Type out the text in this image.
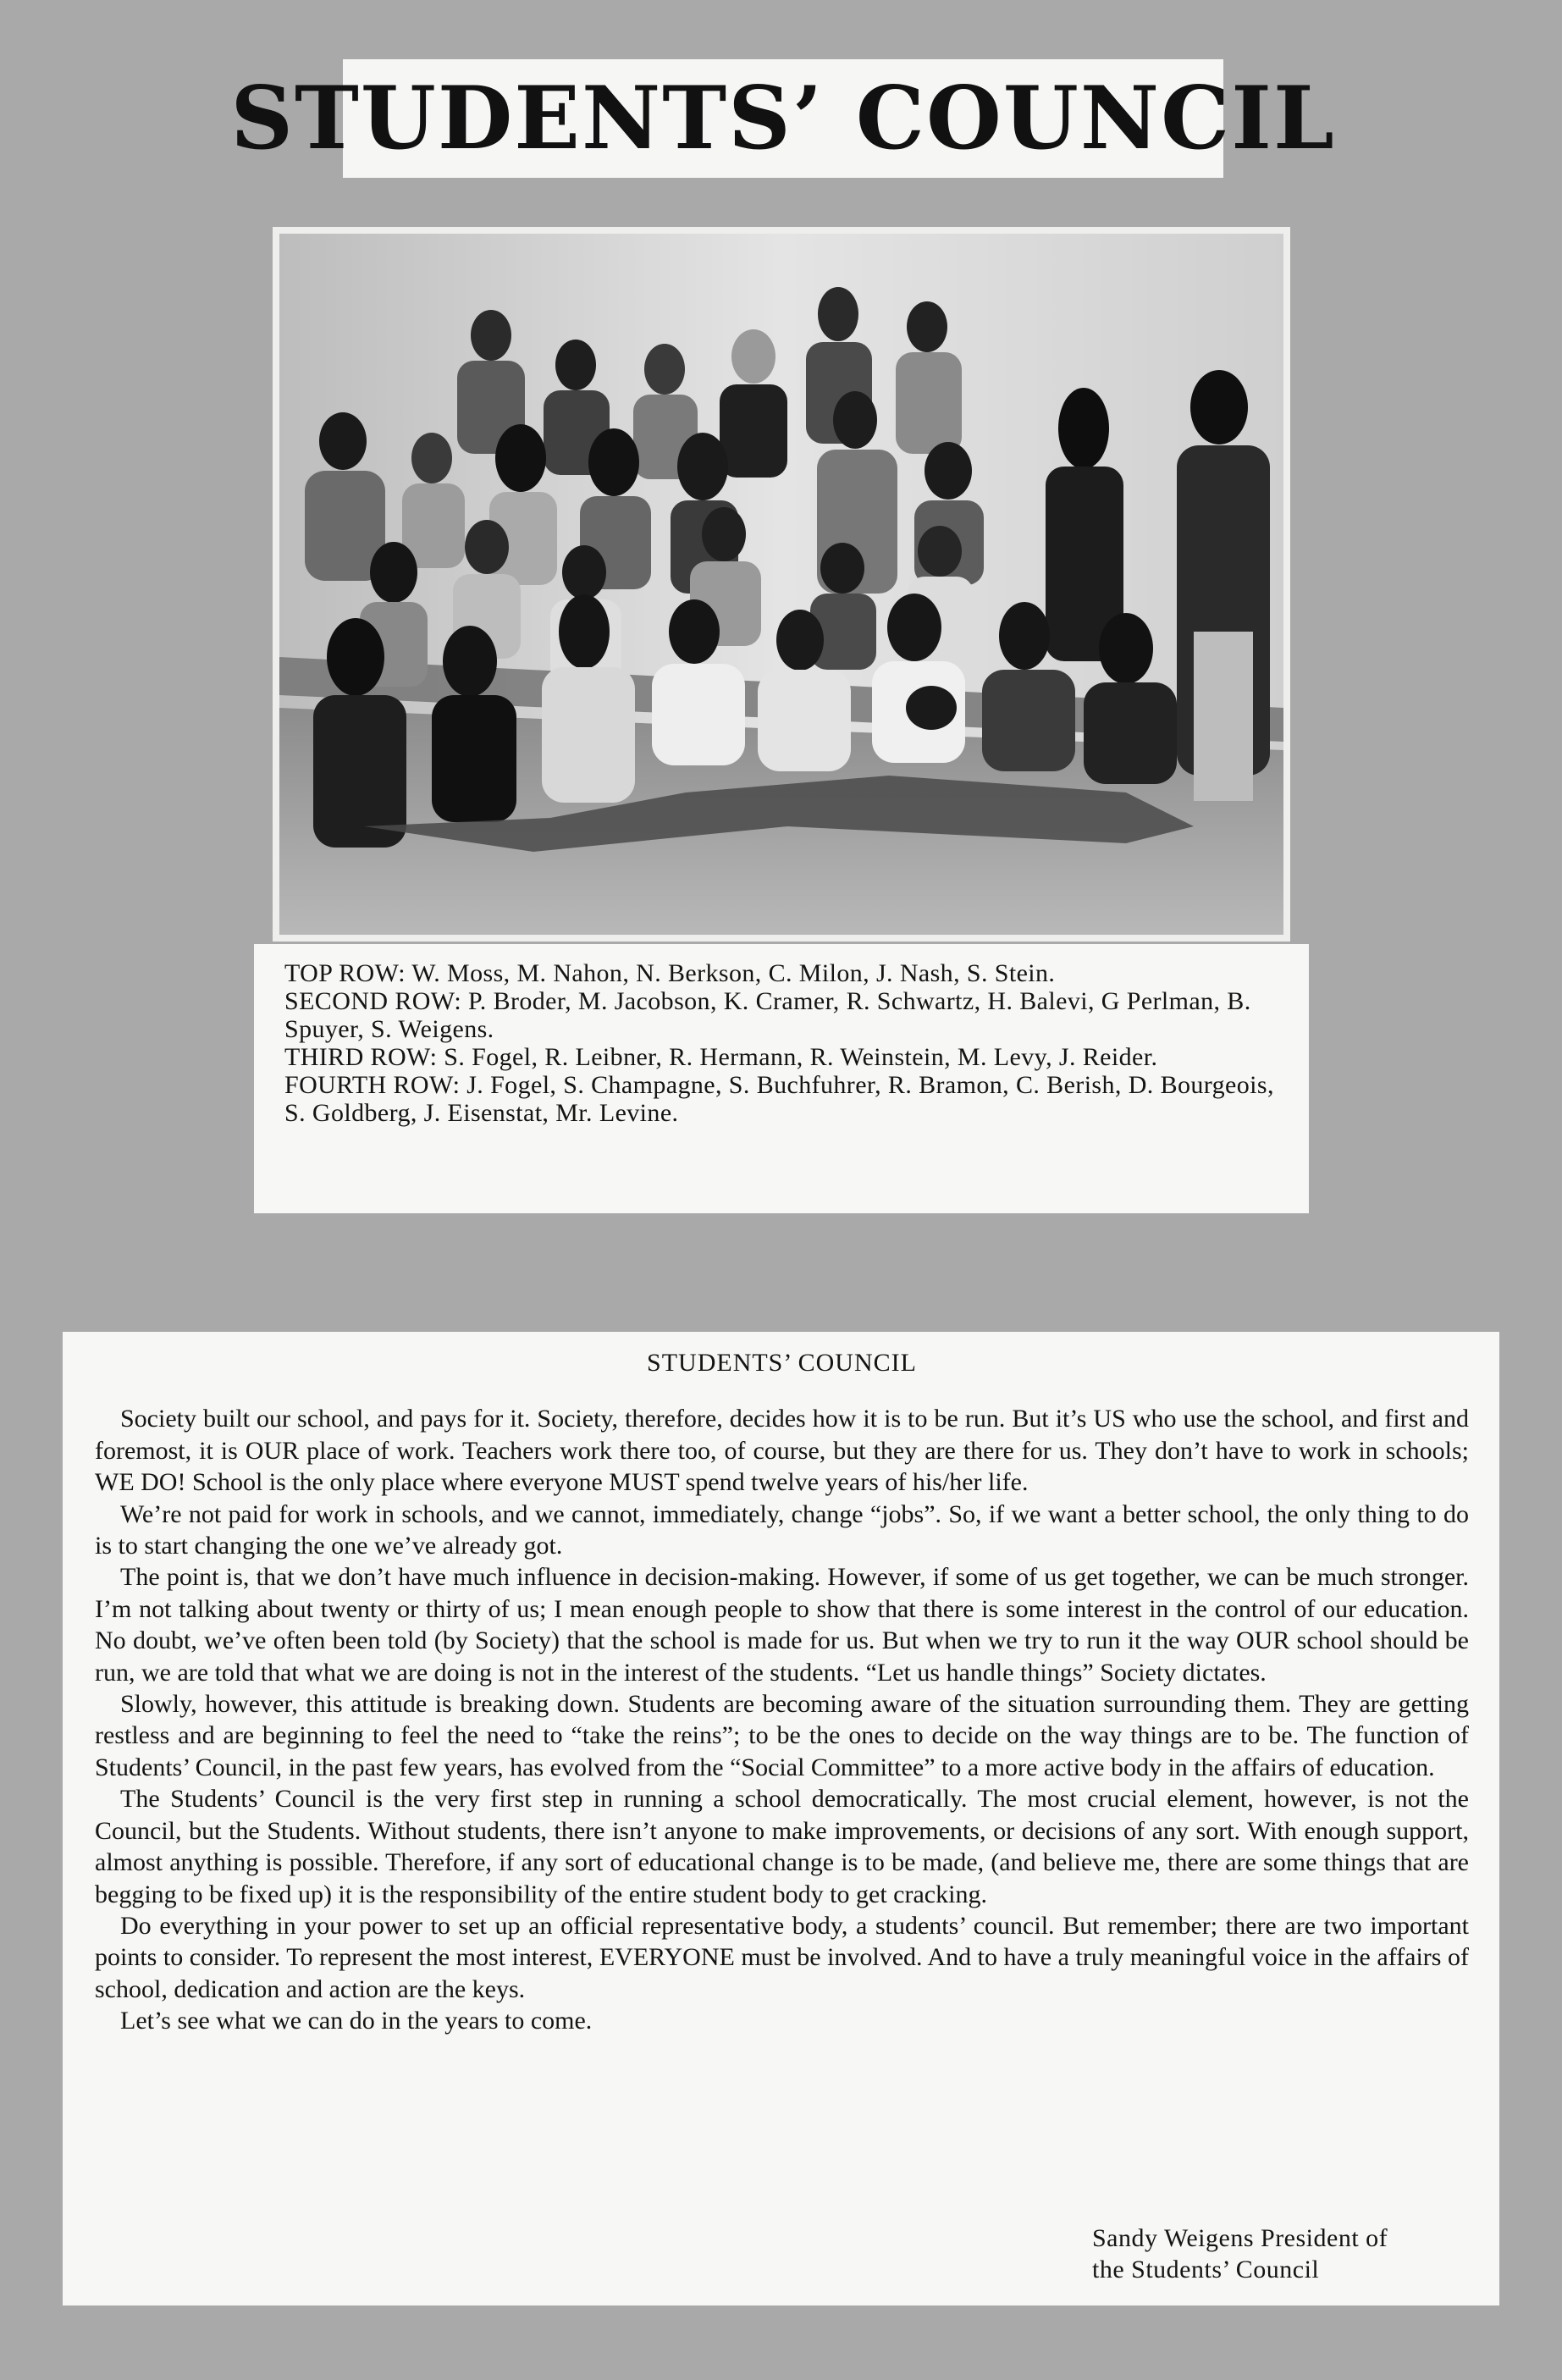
STUDENTS’ COUNCIL

TOP ROW: W. Moss, M. Nahon, N. Berkson, C. Milon, J. Nash, S. Stein.

SECOND ROW: P. Broder, M. Jacobson, K. Cramer, R. Schwartz, H. Balevi, G Perlman, B. Spuyer, S. Weigens.

THIRD ROW: S. Fogel, R. Leibner, R. Hermann, R. Weinstein, M. Levy, J. Reider.

FOURTH ROW: J. Fogel, S. Champagne, S. Buchfuhrer, R. Bramon, C. Berish, D. Bourgeois, S. Goldberg, J. Eisenstat, Mr. Levine.

STUDENTS’ COUNCIL

Society built our school, and pays for it. Society, therefore, decides how it is to be run. But it’s US who use the school, and first and foremost, it is OUR place of work. Teachers work there too, of course, but they are there for us. They don’t have to work in schools; WE DO! School is the only place where everyone MUST spend twelve years of his/her life.

We’re not paid for work in schools, and we cannot, immediately, change “jobs”. So, if we want a better school, the only thing to do is to start changing the one we’ve already got.

The point is, that we don’t have much influence in decision-making. However, if some of us get together, we can be much stronger. I’m not talking about twenty or thirty of us; I mean enough people to show that there is some interest in the control of our education. No doubt, we’ve often been told (by Society) that the school is made for us. But when we try to run it the way OUR school should be run, we are told that what we are doing is not in the interest of the students. “Let us handle things” Society dictates.

Slowly, however, this attitude is breaking down. Students are becoming aware of the situation surrounding them. They are getting restless and are beginning to feel the need to “take the reins”; to be the ones to decide on the way things are to be. The function of Students’ Council, in the past few years, has evolved from the “Social Committee” to a more active body in the affairs of education.

The Students’ Council is the very first step in running a school democratically. The most crucial element, however, is not the Council, but the Students. Without students, there isn’t anyone to make improvements, or decisions of any sort. With enough support, almost anything is possible. Therefore, if any sort of educational change is to be made, (and believe me, there are some things that are begging to be fixed up) it is the responsibility of the entire student body to get cracking.

Do everything in your power to set up an official representative body, a students’ council. But remember; there are two important points to consider. To represent the most interest, EVERYONE must be involved. And to have a truly meaningful voice in the affairs of school, dedication and action are the keys.

Let’s see what we can do in the years to come.

Sandy Weigens President of
the Students’ Council
